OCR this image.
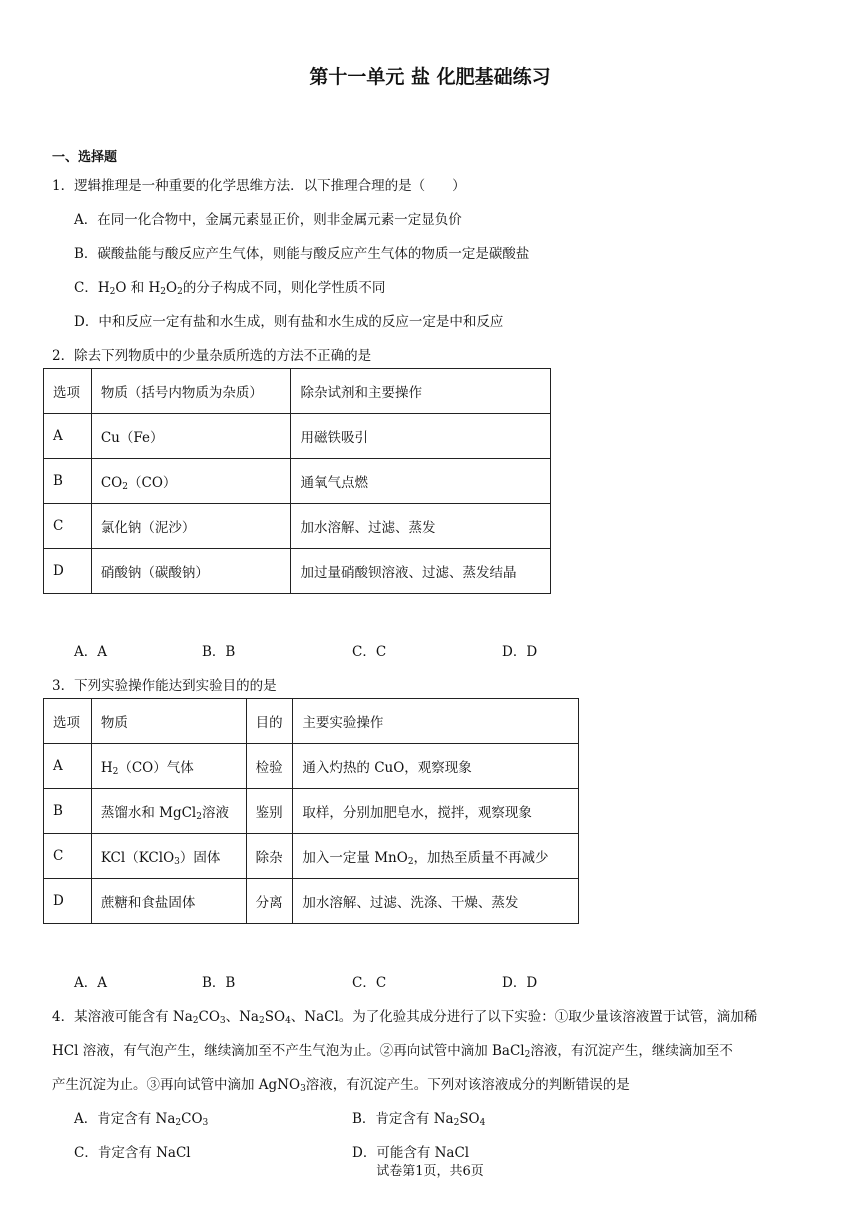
第十一单元 盐 化肥基础练习
一、选择题
1．逻辑推理是一种重要的化学思维方法．以下推理合理的是（　　）
A．在同一化合物中，金属元素显正价，则非金属元素一定显负价
B．碳酸盐能与酸反应产生气体，则能与酸反应产生气体的物质一定是碳酸盐
C．$H_2O$ 和 $H_2O_2$的分子构成不同，则化学性质不同
D．中和反应一定有盐和水生成，则有盐和水生成的反应一定是中和反应
2．除去下列物质中的少量杂质所选的方法不正确的是
选项	物质（括号内物质为杂质）	除杂试剂和主要操作
A	Cu（Fe）	用磁铁吸引
B	$CO_2(CO)$	通氧气点燃
C	氯化钠（泥沙）	加水溶解、过滤、蒸发
D	硝酸钠（碳酸钠）	加过量硝酸钡溶液、过滤、蒸发结晶
A．A	B．B	C．C	D．D
3．下列实验操作能达到实验目的的是
选项	物质	目的	主要实验操作
A	$H_2(CO)$气体	检验	通入灼热的 CuO，观察现象
B	蒸馏水和 MgCl$_2$溶液	鉴别	取样，分别加肥皂水，搅拌，观察现象
C	KCl（KClO$_3$）固体	除杂	加入一定量 MnO$_2$，加热至质量不再减少
D	蔗糖和食盐固体	分离	加水溶解、过滤、洗涤、干燥、蒸发
A．A	B．B	C．C	D．D
4．某溶液可能含有 $Na_2CO_3$、$Na_2SO_4$、NaCl。为了化验其成分进行了以下实验：①取少量该溶液置于试管，滴加稀
HCl 溶液，有气泡产生，继续滴加至不产生气泡为止。②再向试管中滴加 BaCl$_2$溶液，有沉淀产生，继续滴加至不
产生沉淀为止。③再向试管中滴加 AgNO$_3$溶液，有沉淀产生。下列对该溶液成分的判断错误的是
A．肯定含有 $Na_2CO_3$	B．肯定含有 $Na_2SO_4$
C．肯定含有 NaCl	D．可能含有 NaCl
试卷第1页，共6页
